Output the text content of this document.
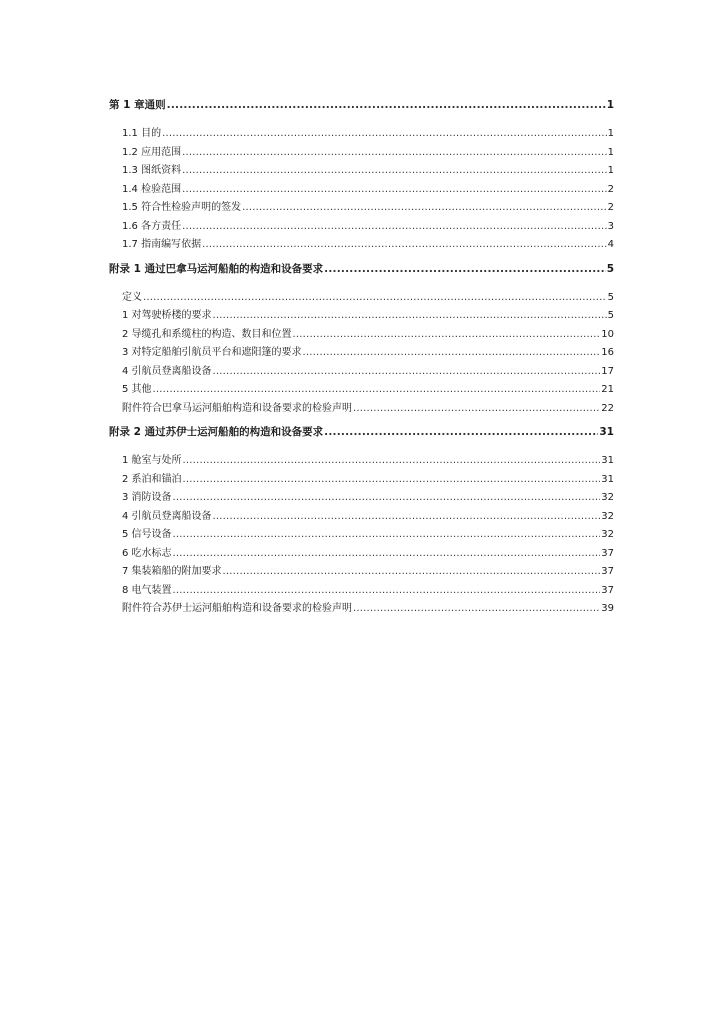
第 1 章通则 .....	1
1.1 目的 .....	1
1.2 应用范围 .....	1
1.3 图纸资料 .....	1
1.4 检验范围 .....	2
1.5 符合性检验声明的签发 .....	2
1.6 各方责任 .....	3
1.7 指南编写依据 .....	4
附录 1 通过巴拿马运河船舶的构造和设备要求 .....	5
定义 .....	5
1 对驾驶桥楼的要求 .....	5
2 导缆孔和系缆柱的构造、数目和位置 .....	10
3 对特定船舶引航员平台和遮阳篷的要求 .....	16
4 引航员登离船设备 .....	17
5 其他 .....	21
附件符合巴拿马运河船舶构造和设备要求的检验声明 .....	22
附录 2 通过苏伊士运河船舶的构造和设备要求 .....	31
1 舱室与处所 .....	31
2 系泊和锚泊 .....	31
3 消防设备 .....	32
4 引航员登离船设备 .....	32
5 信号设备 .....	32
6 吃水标志 .....	37
7 集装箱船的附加要求 .....	37
8 电气装置 .....	37
附件符合苏伊士运河船舶构造和设备要求的检验声明 .....	39
